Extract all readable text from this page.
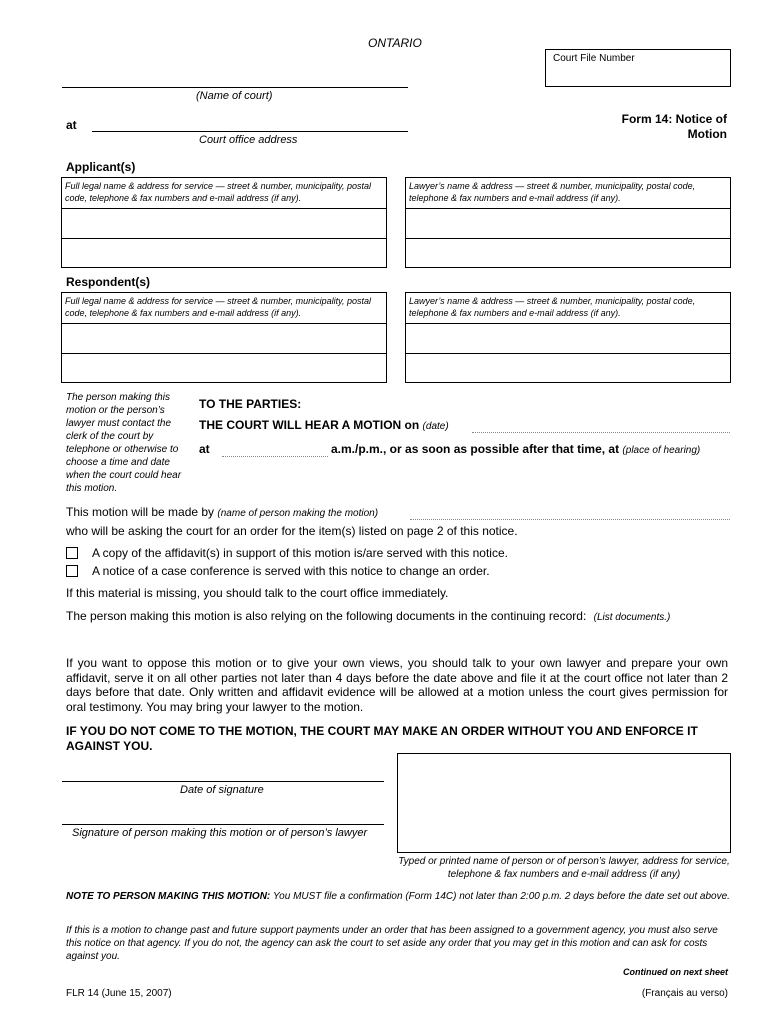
ONTARIO
Court File Number
(Name of court)
at
Court office address
Form 14: Notice of
Motion
Applicant(s)
Full legal name & address for service — street & number, municipality, postal code, telephone & fax numbers and e-mail address (if any).
Lawyer’s name & address — street & number, municipality, postal code, telephone & fax numbers and e-mail address (if any).
Respondent(s)
Full legal name & address for service — street & number, municipality, postal code, telephone & fax numbers and e-mail address (if any).
Lawyer’s name & address — street & number, municipality, postal code, telephone & fax numbers and e-mail address (if any).
The person making this motion or the person’s lawyer must contact the clerk of the court by telephone or otherwise to choose a time and date when the court could hear this motion.
TO THE PARTIES:
THE COURT WILL HEAR A MOTION on (date)
at	a.m./p.m., or as soon as possible after that time, at (place of hearing)
This motion will be made by (name of person making the motion)
who will be asking the court for an order for the item(s) listed on page 2 of this notice.
A copy of the affidavit(s) in support of this motion is/are served with this notice.
A notice of a case conference is served with this notice to change an order.
If this material is missing, you should talk to the court office immediately.
The person making this motion is also relying on the following documents in the continuing record: (List documents.)
If you want to oppose this motion or to give your own views, you should talk to your own lawyer and prepare your own affidavit, serve it on all other parties not later than 4 days before the date above and file it at the court office not later than 2 days before that date. Only written and affidavit evidence will be allowed at a motion unless the court gives permission for oral testimony. You may bring your lawyer to the motion.
IF YOU DO NOT COME TO THE MOTION, THE COURT MAY MAKE AN ORDER WITHOUT YOU AND ENFORCE IT AGAINST YOU.
Date of signature
Signature of person making this motion or of person’s lawyer
Typed or printed name of person or of person’s lawyer, address for service, telephone & fax numbers and e-mail address (if any)
NOTE TO PERSON MAKING THIS MOTION: You MUST file a confirmation (Form 14C) not later than 2:00 p.m. 2 days before the date set out above.
If this is a motion to change past and future support payments under an order that has been assigned to a government agency, you must also serve this notice on that agency. If you do not, the agency can ask the court to set aside any order that you may get in this motion and can ask for costs against you.
Continued on next sheet
FLR 14 (June 15, 2007)	(Français au verso)
